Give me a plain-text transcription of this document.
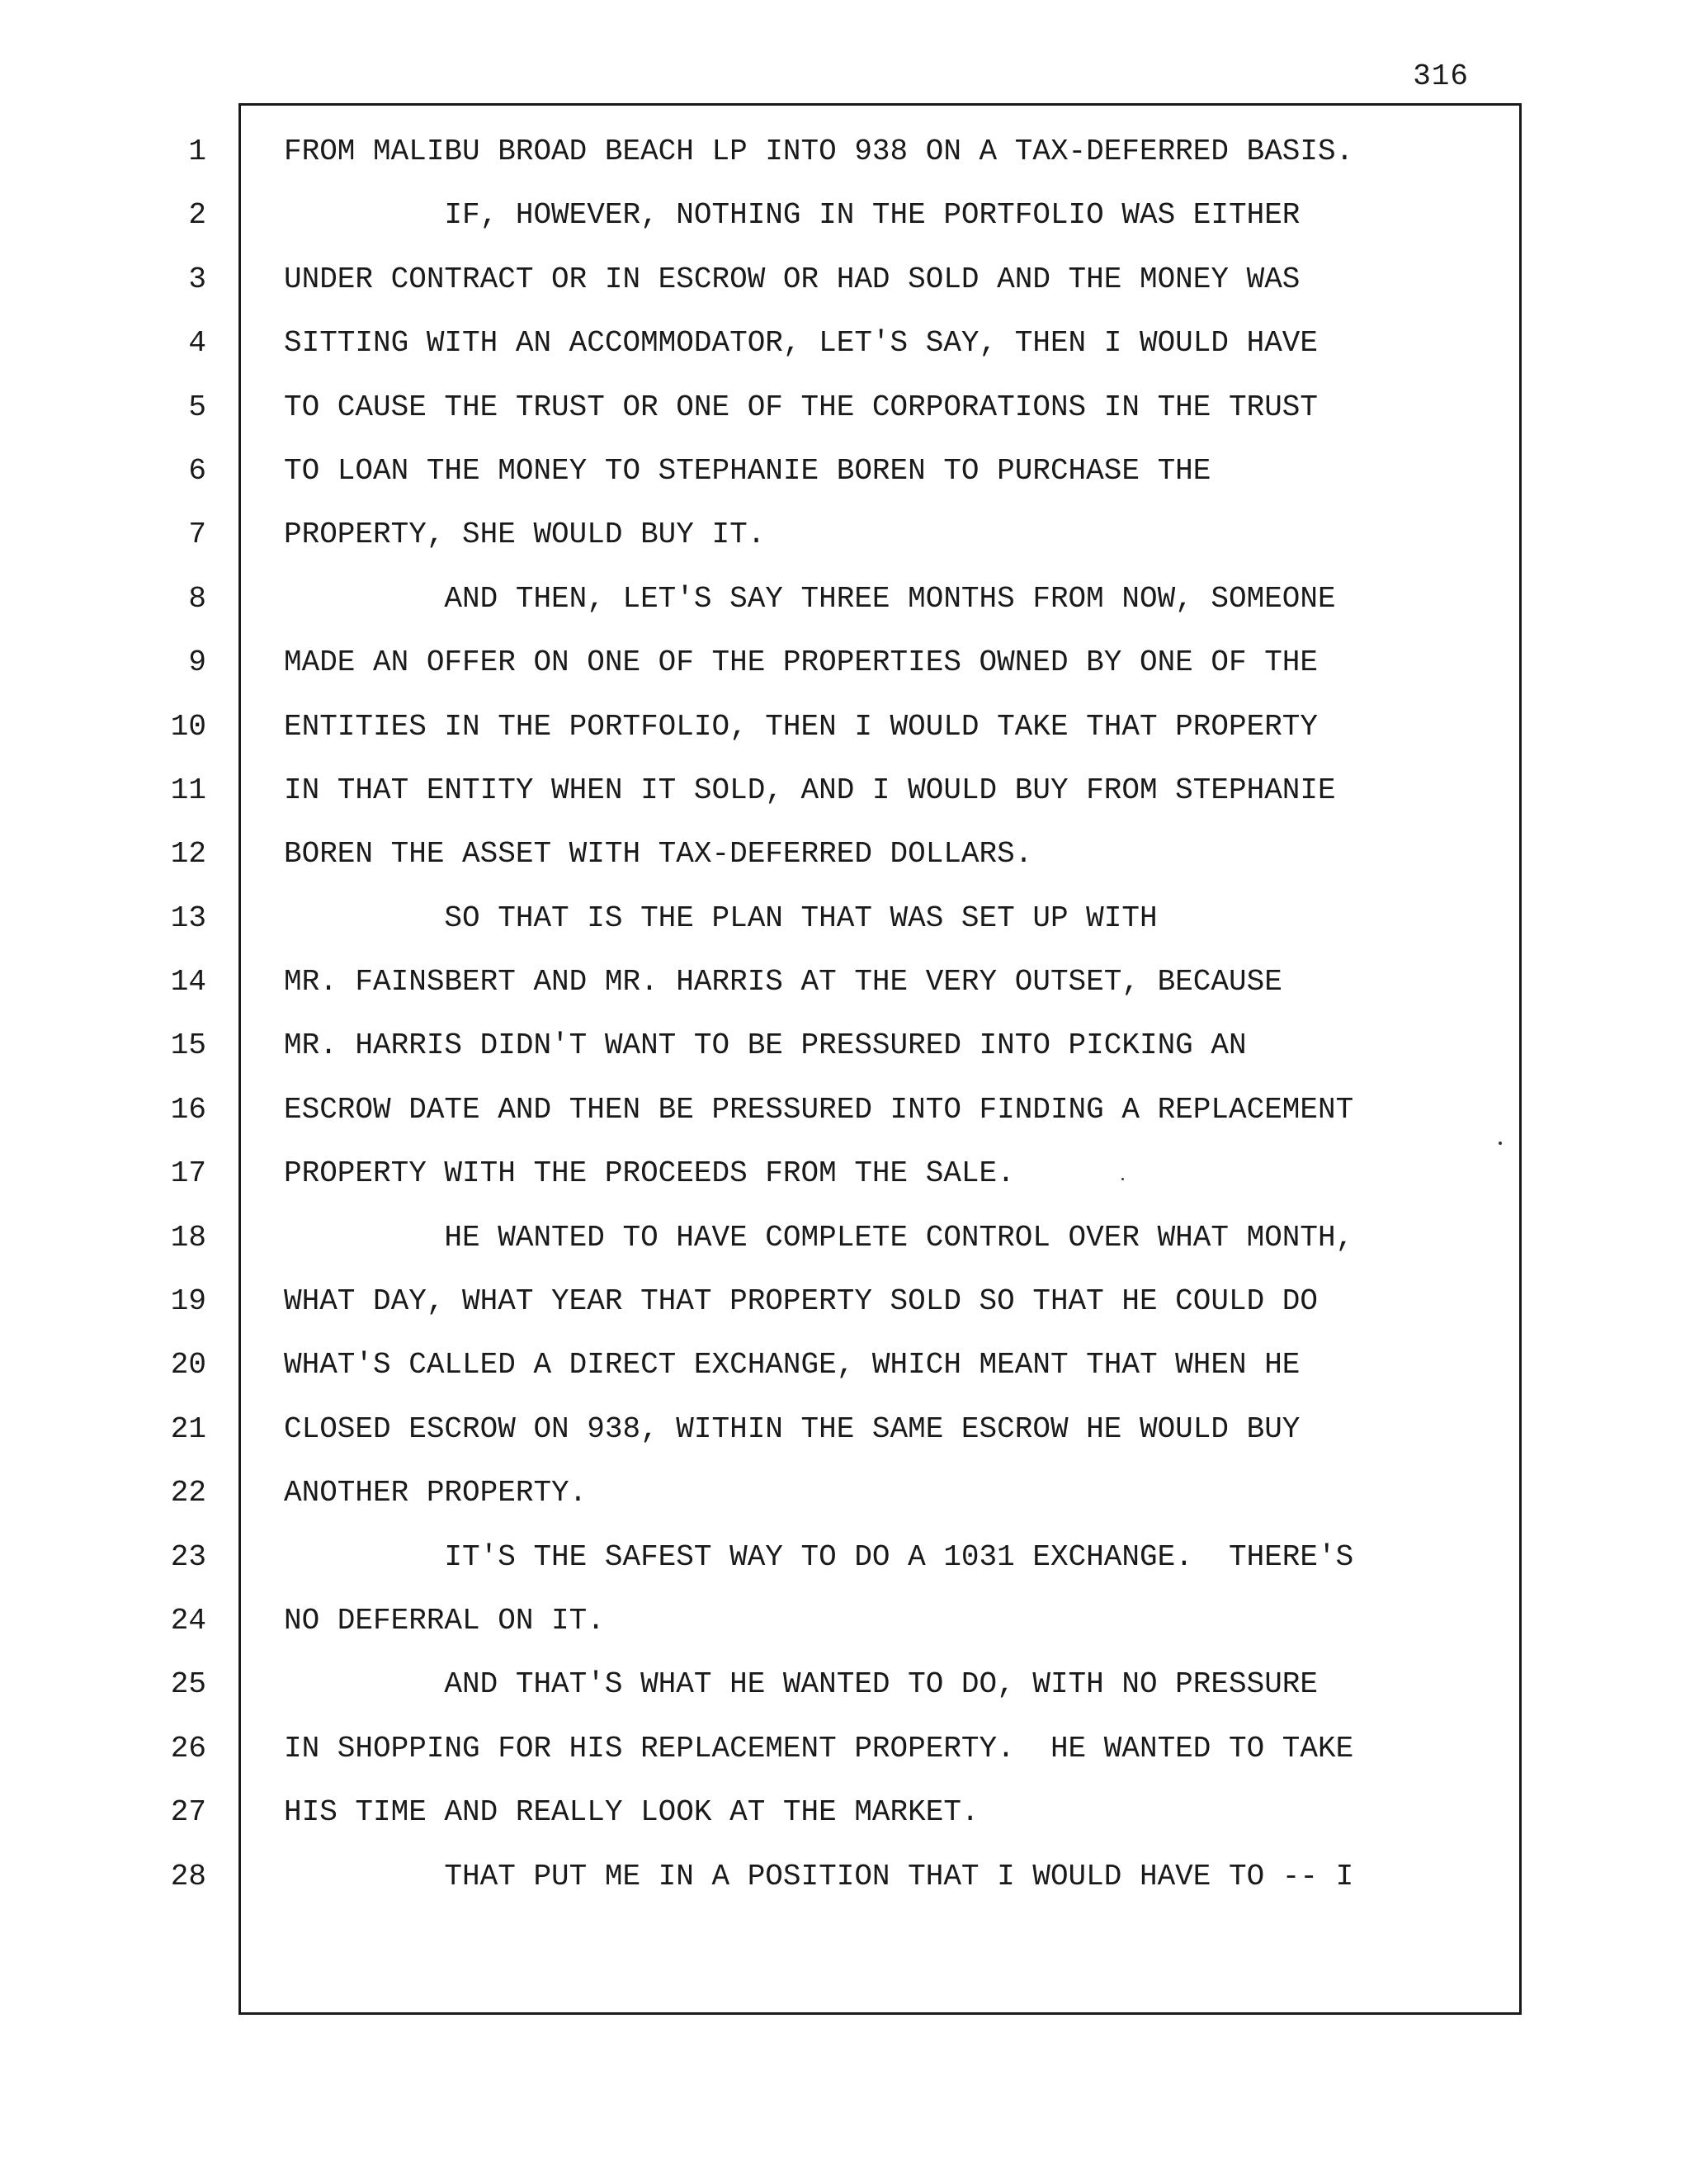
316
1
2
3
4
5
6
7
8
9
10
11
12
13
14
15
16
17
18
19
20
21
22
23
24
25
26
27
28
FROM MALIBU BROAD BEACH LP INTO 938 ON A TAX-DEFERRED BASIS.
IF, HOWEVER, NOTHING IN THE PORTFOLIO WAS EITHER
UNDER CONTRACT OR IN ESCROW OR HAD SOLD AND THE MONEY WAS
SITTING WITH AN ACCOMMODATOR, LET'S SAY, THEN I WOULD HAVE
TO CAUSE THE TRUST OR ONE OF THE CORPORATIONS IN THE TRUST
TO LOAN THE MONEY TO STEPHANIE BOREN TO PURCHASE THE
PROPERTY, SHE WOULD BUY IT.
AND THEN, LET'S SAY THREE MONTHS FROM NOW, SOMEONE
MADE AN OFFER ON ONE OF THE PROPERTIES OWNED BY ONE OF THE
ENTITIES IN THE PORTFOLIO, THEN I WOULD TAKE THAT PROPERTY
IN THAT ENTITY WHEN IT SOLD, AND I WOULD BUY FROM STEPHANIE
BOREN THE ASSET WITH TAX-DEFERRED DOLLARS.
SO THAT IS THE PLAN THAT WAS SET UP WITH
MR. FAINSBERT AND MR. HARRIS AT THE VERY OUTSET, BECAUSE
MR. HARRIS DIDN'T WANT TO BE PRESSURED INTO PICKING AN
ESCROW DATE AND THEN BE PRESSURED INTO FINDING A REPLACEMENT
PROPERTY WITH THE PROCEEDS FROM THE SALE.
HE WANTED TO HAVE COMPLETE CONTROL OVER WHAT MONTH,
WHAT DAY, WHAT YEAR THAT PROPERTY SOLD SO THAT HE COULD DO
WHAT'S CALLED A DIRECT EXCHANGE, WHICH MEANT THAT WHEN HE
CLOSED ESCROW ON 938, WITHIN THE SAME ESCROW HE WOULD BUY
ANOTHER PROPERTY.
IT'S THE SAFEST WAY TO DO A 1031 EXCHANGE.  THERE'S
NO DEFERRAL ON IT.
AND THAT'S WHAT HE WANTED TO DO, WITH NO PRESSURE
IN SHOPPING FOR HIS REPLACEMENT PROPERTY.  HE WANTED TO TAKE
HIS TIME AND REALLY LOOK AT THE MARKET.
THAT PUT ME IN A POSITION THAT I WOULD HAVE TO -- I
